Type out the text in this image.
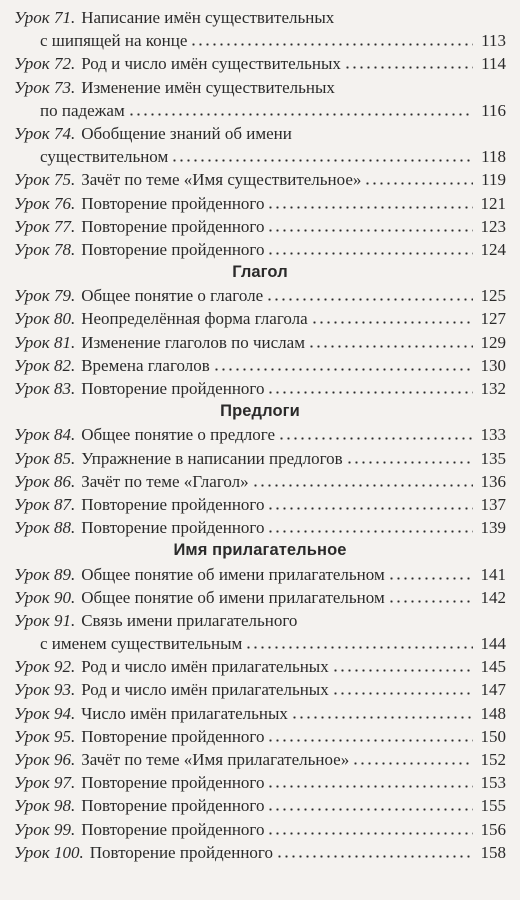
Урок 71. Написание имён существительных
с шипящей на конце	113
Урок 72. Род и число имён существительных	114
Урок 73. Изменение имён существительных
по падежам	116
Урок 74. Обобщение знаний об имени
существительном	118
Урок 75. Зачёт по теме «Имя существительное»	119
Урок 76. Повторение пройденного	121
Урок 77. Повторение пройденного	123
Урок 78. Повторение пройденного	124
Глагол
Урок 79. Общее понятие о глаголе	125
Урок 80. Неопределённая форма глагола	127
Урок 81. Изменение глаголов по числам	129
Урок 82. Времена глаголов	130
Урок 83. Повторение пройденного	132
Предлоги
Урок 84. Общее понятие о предлоге	133
Урок 85. Упражнение в написании предлогов	135
Урок 86. Зачёт по теме «Глагол»	136
Урок 87. Повторение пройденного	137
Урок 88. Повторение пройденного	139
Имя прилагательное
Урок 89. Общее понятие об имени прилагательном	141
Урок 90. Общее понятие об имени прилагательном	142
Урок 91. Связь имени прилагательного
с именем существительным	144
Урок 92. Род и число имён прилагательных	145
Урок 93. Род и число имён прилагательных	147
Урок 94. Число имён прилагательных	148
Урок 95. Повторение пройденного	150
Урок 96. Зачёт по теме «Имя прилагательное»	152
Урок 97. Повторение пройденного	153
Урок 98. Повторение пройденного	155
Урок 99. Повторение пройденного	156
Урок 100. Повторение пройденного	158
